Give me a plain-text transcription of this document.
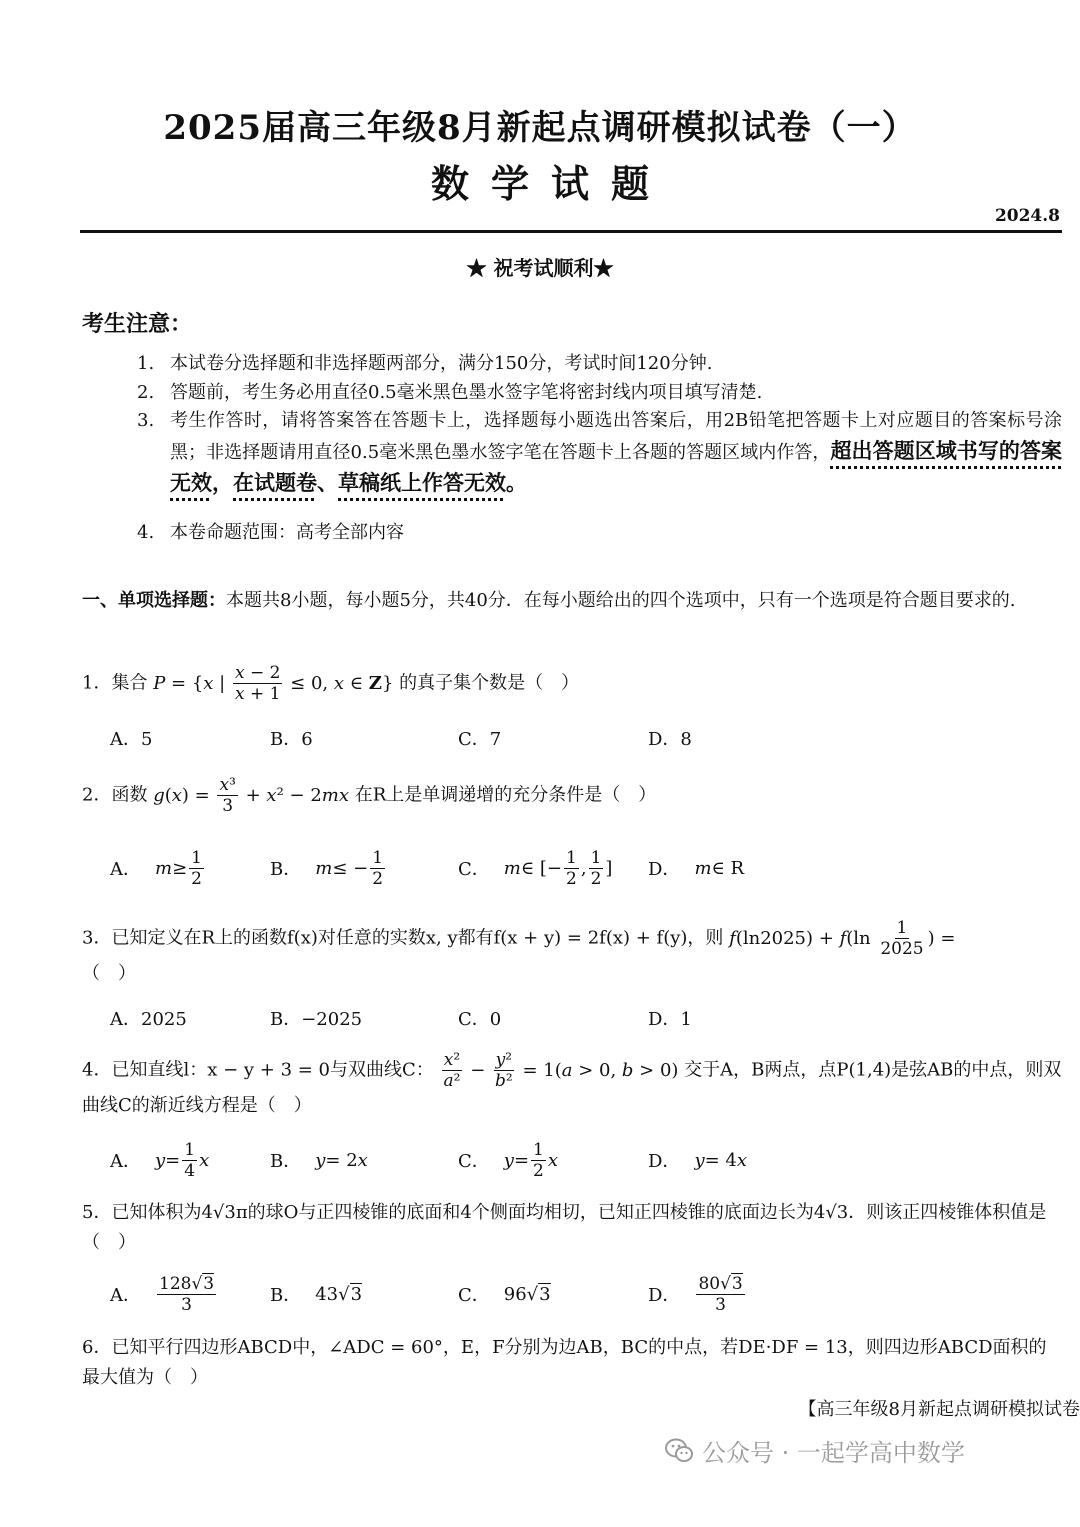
2025届高三年级8月新起点调研模拟试卷（一）
数学试题
2024.8
★ 祝考试顺利★
考生注意：
1. 本试卷分选择题和非选择题两部分，满分150分，考试时间120分钟.
2. 答题前，考生务必用直径0.5毫米黑色墨水签字笔将密封线内项目填写清楚.
3. 考生作答时，请将答案答在答题卡上，选择题每小题选出答案后，用2B铅笔把答题卡上对应题目的答案标号涂黑；非选择题请用直径0.5毫米黑色墨水签字笔在答题卡上各题的答题区域内作答，超出答题区域书写的答案无效，在试题卷、草稿纸上作答无效。
4. 本卷命题范围：高考全部内容
一、单项选择题：本题共8小题，每小题5分，共40分．在每小题给出的四个选项中，只有一个选项是符合题目要求的.
1．集合 P = {x | $\frac{x - 2}{x + 1} \le 0$, x ∈ Z} 的真子集个数是（　）
A．5	B．6	C．7	D．8
2．函数 $g(x) = \frac{\text{x³}}{3} + x^2 - 2mx$ 在R上是单调递增的充分条件是（　）
A． $m \ge \frac{1}{2}$	B． m ≤ − $\frac{1}{2}$	C． m ∈ [− $\frac{1}{2}$ , $\frac{1}{2}$ ] D． m ∈ R
3．已知定义在R上的函数f(x)对任意的实数x, y都有f(x + y) = 2f(x) + f(y)，则 $f(\ln 2025) + f(\ln \frac{1}{2025}$ ) =
（　）
A．2025	B．−2025	C．0	D．1
4．已知直线l：x − y + 3 = 0与双曲线C： $\frac{\text{x²}}{\text{a²}} - \frac{\text{y²}}{\text{b²}} = 1(a > 0$, b > 0) 交于A，B两点，点P(1,4)是弦AB的中点，则双曲线C的渐近线方程是（　）
A． $y = \frac{1}{4}$ x	B． y = 2 x	C． $y = \frac{1}{2}$ x	D． y = 4 x
5．已知体积为4√3π的球O与正四棱锥的底面和4个侧面均相切，已知正四棱锥的底面边长为4√3．则该正四棱锥体积值是（　）
A． $\frac{128√3}{3}$	B． 43√ 3	C． 96√ 3	D． $\frac{80√3}{3}$
6．已知平行四边形ABCD中，∠ADC = 60°，E，F分别为边AB，BC的中点，若DE·DF = 13，则四边形ABCD面积的最大值为（　）
【高三年级8月新起点调研模拟试卷
公众号 · 一起学高中数学
